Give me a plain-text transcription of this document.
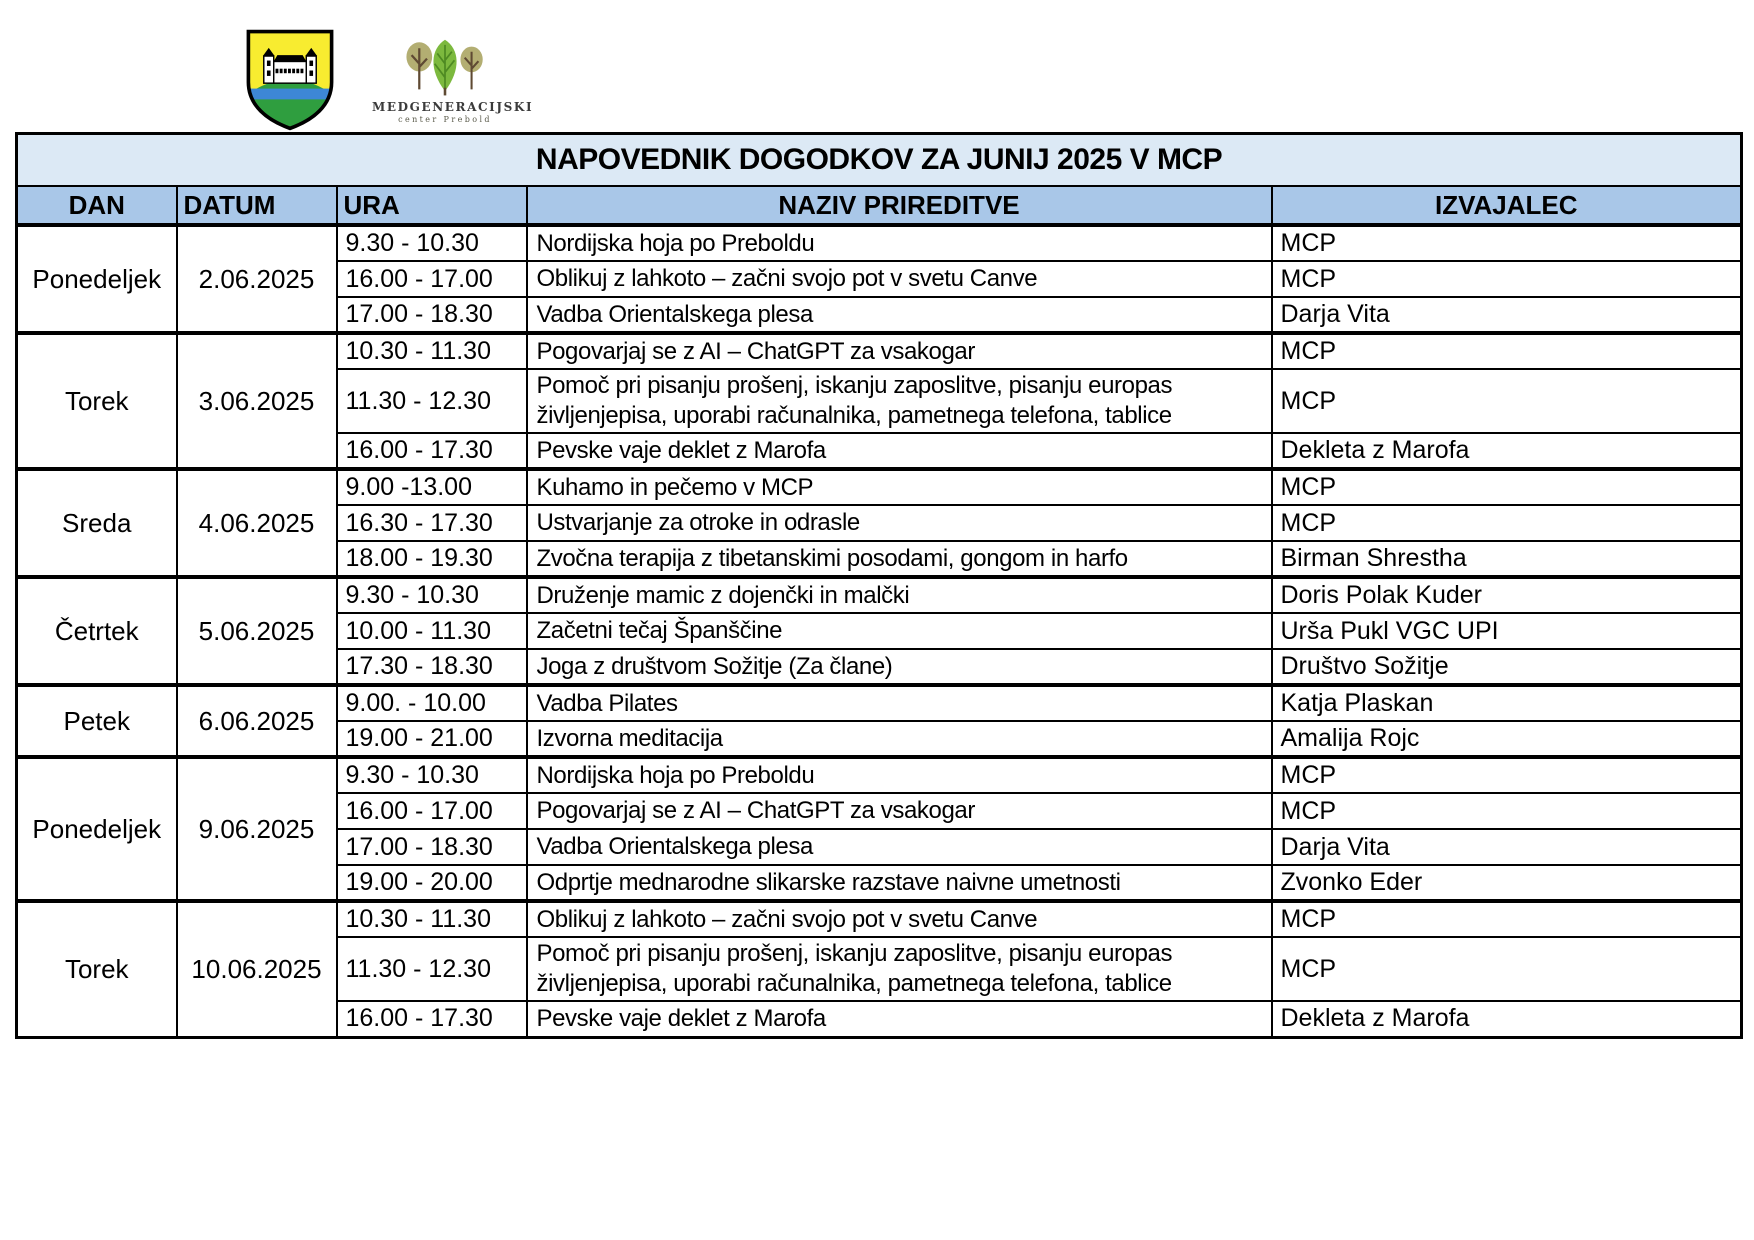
MEDGENERACIJSKI
center Prebold
NAPOVEDNIK DOGODKOV ZA JUNIJ 2025 V MCP				
DAN	DATUM	URA	NAZIV PRIREDITVE	IZVAJALEC
Ponedeljek	2.06.2025	9.30 - 10.30	Nordijska hoja po Preboldu	MCP
		16.00 - 17.00	Oblikuj z lahkoto – začni svojo pot v svetu Canve	MCP
		17.00 - 18.30	Vadba Orientalskega plesa	Darja Vita
Torek	3.06.2025	10.30 - 11.30	Pogovarjaj se z AI – ChatGPT za vsakogar	MCP
		11.30 - 12.30	Pomoč pri pisanju prošenj, iskanju zaposlitve, pisanju europas življenjepisa, uporabi računalnika, pametnega telefona, tablice	MCP
		16.00 - 17.30	Pevske vaje deklet z Marofa	Dekleta z Marofa
Sreda	4.06.2025	9.00 -13.00	Kuhamo in pečemo v MCP	MCP
		16.30 - 17.30	Ustvarjanje za otroke in odrasle	MCP
		18.00 - 19.30	Zvočna terapija z tibetanskimi posodami, gongom in harfo	Birman Shrestha
Četrtek	5.06.2025	9.30 - 10.30	Druženje mamic z dojenčki in malčki	Doris Polak Kuder
		10.00 - 11.30	Začetni tečaj Španščine	Urša Pukl VGC UPI
		17.30 - 18.30	Joga z društvom Sožitje (Za člane)	Društvo Sožitje
Petek	6.06.2025	9.00. - 10.00	Vadba Pilates	Katja Plaskan
		19.00 - 21.00	Izvorna meditacija	Amalija Rojc
Ponedeljek	9.06.2025	9.30 - 10.30	Nordijska hoja po Preboldu	MCP
		16.00 - 17.00	Pogovarjaj se z AI – ChatGPT za vsakogar	MCP
		17.00 - 18.30	Vadba Orientalskega plesa	Darja Vita
		19.00 - 20.00	Odprtje mednarodne slikarske razstave naivne umetnosti	Zvonko Eder
Torek	10.06.2025	10.30 - 11.30	Oblikuj z lahkoto – začni svojo pot v svetu Canve	MCP
		11.30 - 12.30	Pomoč pri pisanju prošenj, iskanju zaposlitve, pisanju europas življenjepisa, uporabi računalnika, pametnega telefona, tablice	MCP
		16.00 - 17.30	Pevske vaje deklet z Marofa	Dekleta z Marofa
